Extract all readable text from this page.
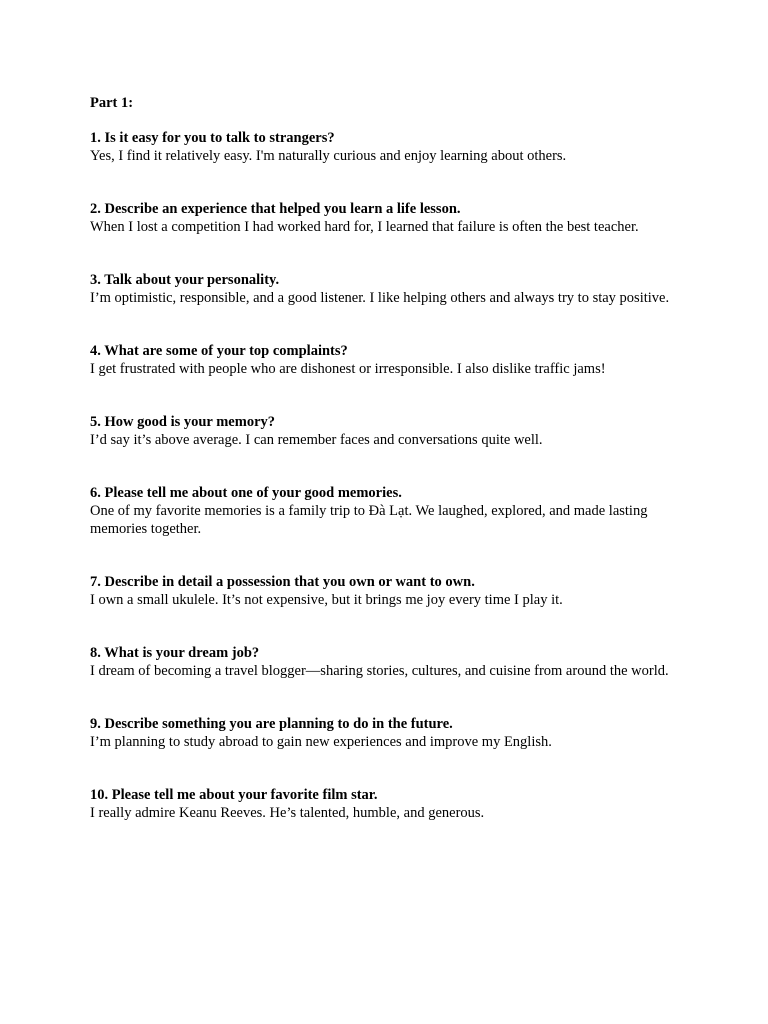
Part 1:

1. Is it easy for you to talk to strangers?

Yes, I find it relatively easy. I'm naturally curious and enjoy learning about others.

2. Describe an experience that helped you learn a life lesson.

When I lost a competition I had worked hard for, I learned that failure is often the best teacher.

3. Talk about your personality.

I’m optimistic, responsible, and a good listener. I like helping others and always try to stay positive.

4. What are some of your top complaints?

I get frustrated with people who are dishonest or irresponsible. I also dislike traffic jams!

5. How good is your memory?

I’d say it’s above average. I can remember faces and conversations quite well.

6. Please tell me about one of your good memories.

One of my favorite memories is a family trip to Đà Lạt. We laughed, explored, and made lasting memories together.

7. Describe in detail a possession that you own or want to own.

I own a small ukulele. It’s not expensive, but it brings me joy every time I play it.

8. What is your dream job?

I dream of becoming a travel blogger—sharing stories, cultures, and cuisine from around the world.

9. Describe something you are planning to do in the future.

I’m planning to study abroad to gain new experiences and improve my English.

10. Please tell me about your favorite film star.

I really admire Keanu Reeves. He’s talented, humble, and generous.
